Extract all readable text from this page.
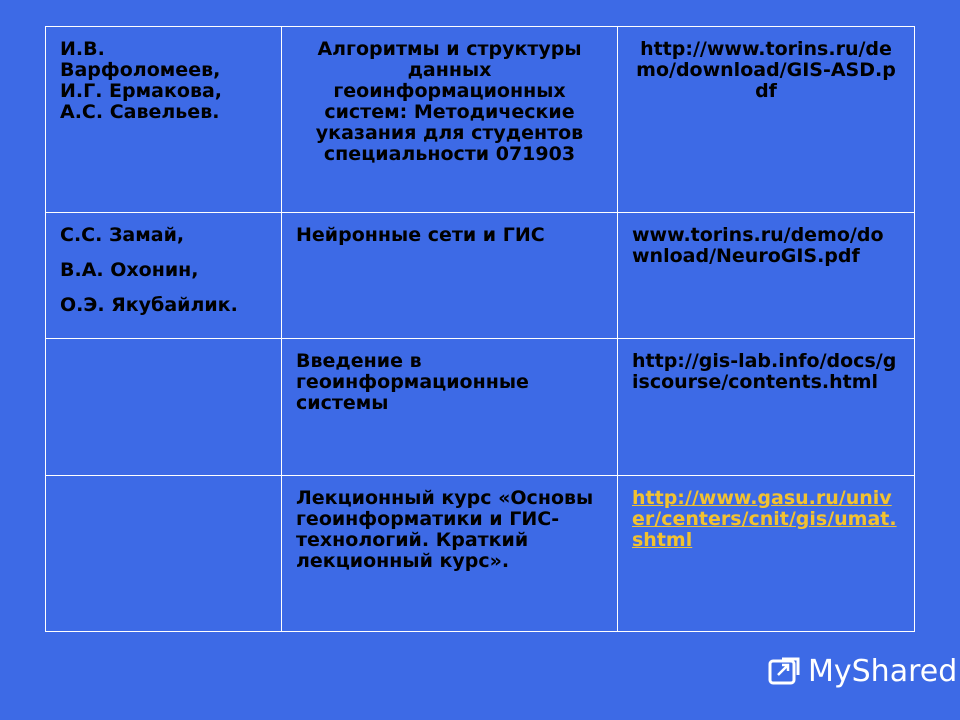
И.В. Варфоломеев, И.Г. Ермакова, А.С. Савельев.	Алгоритмы и структуры данных геоинформационных систем: Методические указания для студентов специальности 071903	http://www.torins.ru/demo/download/GIS-ASD.pdf

С.С. Замай,
В.А. Охонин,
О.Э. Якубайлик.	Нейронные сети и ГИС	www.torins.ru/demo/download/NeuroGIS.pdf

	Введение в геоинформационные системы	http://gis-lab.info/docs/giscourse/contents.html

	Лекционный курс «Основы геоинформатики и ГИС-технологий. Краткий лекционный курс».	http://www.gasu.ru/univer/centers/cnit/gis/umat.shtml
MyShared
